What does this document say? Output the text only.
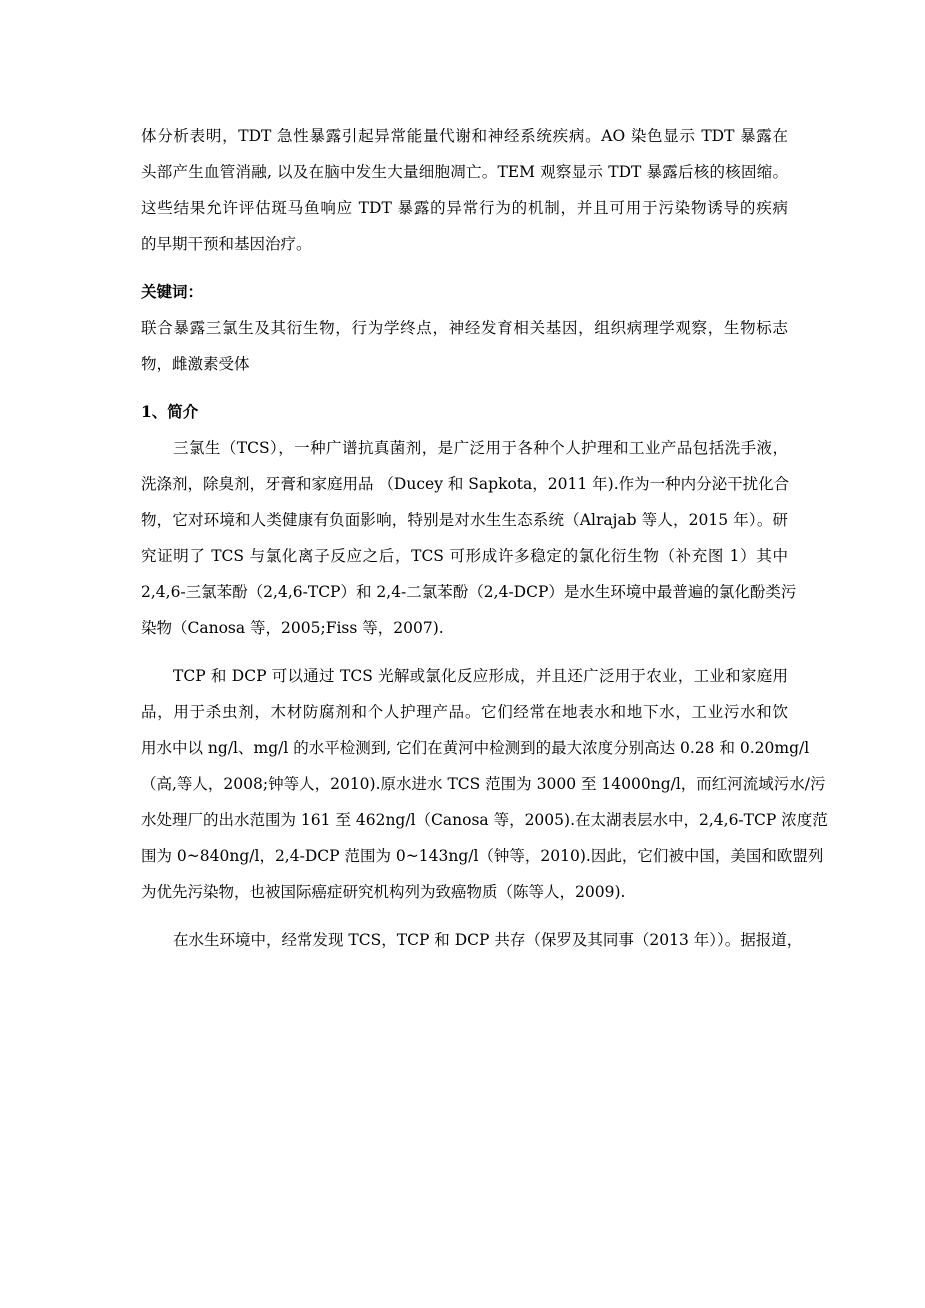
体分析表明，TDT 急性暴露引起异常能量代谢和神经系统疾病。AO 染色显示 TDT 暴露在
头部产生血管消融, 以及在脑中发生大量细胞凋亡。TEM 观察显示 TDT 暴露后核的核固缩。
这些结果允许评估斑马鱼响应 TDT 暴露的异常行为的机制，并且可用于污染物诱导的疾病
的早期干预和基因治疗。
关键词：
联合暴露三氯生及其衍生物，行为学终点，神经发育相关基因，组织病理学观察，生物标志
物，雌激素受体
1、简介
三氯生（TCS），一种广谱抗真菌剂，是广泛用于各种个人护理和工业产品包括洗手液，
洗涤剂，除臭剂，牙膏和家庭用品 （Ducey 和 Sapkota，2011 年).作为一种内分泌干扰化合
物，它对环境和人类健康有负面影响，特别是对水生生态系统（Alrajab 等人，2015 年）。研
究证明了 TCS 与氯化离子反应之后，TCS 可形成许多稳定的氯化衍生物（补充图 1）其中
2,4,6-三氯苯酚（2,4,6-TCP）和 2,4-二氯苯酚（2,4-DCP）是水生环境中最普遍的氯化酚类污
染物（Canosa 等，2005;Fiss 等，2007).
TCP 和 DCP 可以通过 TCS 光解或氯化反应形成，并且还广泛用于农业，工业和家庭用
品，用于杀虫剂，木材防腐剂和个人护理产品。它们经常在地表水和地下水，工业污水和饮
用水中以 ng/l、mg/l 的水平检测到, 它们在黄河中检测到的最大浓度分别高达 0.28 和 0.20mg/l
（高,等人，2008;钟等人，2010).原水进水 TCS 范围为 3000 至 14000ng/l，而红河流域污水/污
水处理厂的出水范围为 161 至 462ng/l（Canosa 等，2005).在太湖表层水中，2,4,6-TCP 浓度范
围为 0~840ng/l，2,4-DCP 范围为 0~143ng/l（钟等，2010).因此，它们被中国，美国和欧盟列
为优先污染物，也被国际癌症研究机构列为致癌物质（陈等人，2009).
在水生环境中，经常发现 TCS，TCP 和 DCP 共存（保罗及其同事（2013 年））。据报道，
